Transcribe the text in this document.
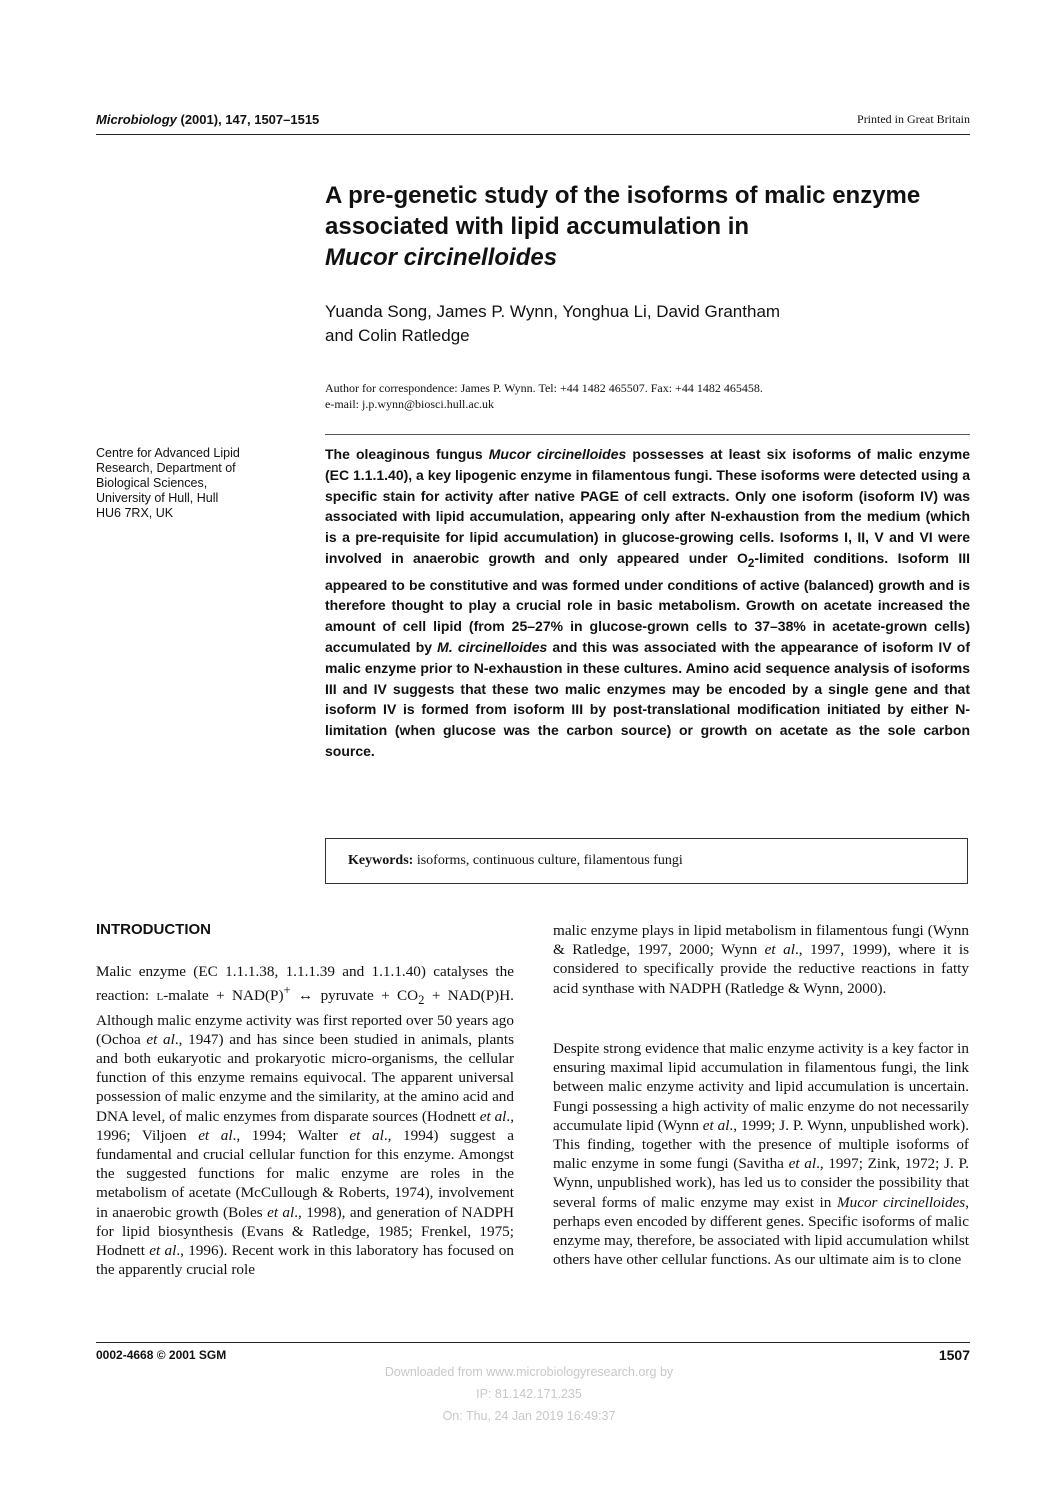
Microbiology (2001), 147, 1507–1515	Printed in Great Britain
A pre-genetic study of the isoforms of malic enzyme associated with lipid accumulation in
Mucor circinelloides
Yuanda Song, James P. Wynn, Yonghua Li, David Grantham
and Colin Ratledge
Author for correspondence: James P. Wynn. Tel: +44 1482 465507. Fax: +44 1482 465458.
e-mail: j.p.wynn@biosci.hull.ac.uk
Centre for Advanced Lipid
Research, Department of
Biological Sciences,
University of Hull, Hull
HU6 7RX, UK

The oleaginous fungus Mucor circinelloides possesses at least six isoforms of malic enzyme (EC 1.1.1.40), a key lipogenic enzyme in filamentous fungi. These isoforms were detected using a specific stain for activity after native PAGE of cell extracts. Only one isoform (isoform IV) was associated with lipid accumulation, appearing only after N-exhaustion from the medium (which is a pre-requisite for lipid accumulation) in glucose-growing cells. Isoforms I, II, V and VI were involved in anaerobic growth and only appeared under $O_2$-limited conditions. Isoform III appeared to be constitutive and was formed under conditions of active (balanced) growth and is therefore thought to play a crucial role in basic metabolism. Growth on acetate increased the amount of cell lipid (from 25–27% in glucose-grown cells to 37–38% in acetate-grown cells) accumulated by M. circinelloides and this was associated with the appearance of isoform IV of malic enzyme prior to N-exhaustion in these cultures. Amino acid sequence analysis of isoforms III and IV suggests that these two malic enzymes may be encoded by a single gene and that isoform IV is formed from isoform III by post-translational modification initiated by either N-limitation (when glucose was the carbon source) or growth on acetate as the sole carbon source.

Keywords: isoforms, continuous culture, filamentous fungi
INTRODUCTION

Malic enzyme (EC 1.1.1.38, 1.1.1.39 and 1.1.1.40) catalyses the reaction: l-malate + NAD(P)+ ↔ pyruvate + $CO_2 + NAD(P)H$. Although malic enzyme activity was first reported over 50 years ago (Ochoa et al., 1947) and has since been studied in animals, plants and both eukaryotic and prokaryotic micro-organisms, the cellular function of this enzyme remains equivocal. The apparent universal possession of malic enzyme and the similarity, at the amino acid and DNA level, of malic enzymes from disparate sources (Hodnett et al., 1996; Viljoen et al., 1994; Walter et al., 1994) suggest a fundamental and crucial cellular function for this enzyme. Amongst the suggested functions for malic enzyme are roles in the metabolism of acetate (McCullough & Roberts, 1974), involvement in anaerobic growth (Boles et al., 1998), and generation of NADPH for lipid biosynthesis (Evans & Ratledge, 1985; Frenkel, 1975; Hodnett et al., 1996). Recent work in this laboratory has focused on the apparently crucial role

malic enzyme plays in lipid metabolism in filamentous fungi (Wynn & Ratledge, 1997, 2000; Wynn et al., 1997, 1999), where it is considered to specifically provide the reductive reactions in fatty acid synthase with NADPH (Ratledge & Wynn, 2000).

Despite strong evidence that malic enzyme activity is a key factor in ensuring maximal lipid accumulation in filamentous fungi, the link between malic enzyme activity and lipid accumulation is uncertain. Fungi possessing a high activity of malic enzyme do not necessarily accumulate lipid (Wynn et al., 1999; J. P. Wynn, unpublished work). This finding, together with the presence of multiple isoforms of malic enzyme in some fungi (Savitha et al., 1997; Zink, 1972; J. P. Wynn, unpublished work), has led us to consider the possibility that several forms of malic enzyme may exist in Mucor circinelloides, perhaps even encoded by different genes. Specific isoforms of malic enzyme may, therefore, be associated with lipid accumulation whilst others have other cellular functions. As our ultimate aim is to clone

0002-4668 © 2001 SGM	1507
Downloaded from www.microbiologyresearch.org by
IP: 81.142.171.235
On: Thu, 24 Jan 2019 16:49:37
